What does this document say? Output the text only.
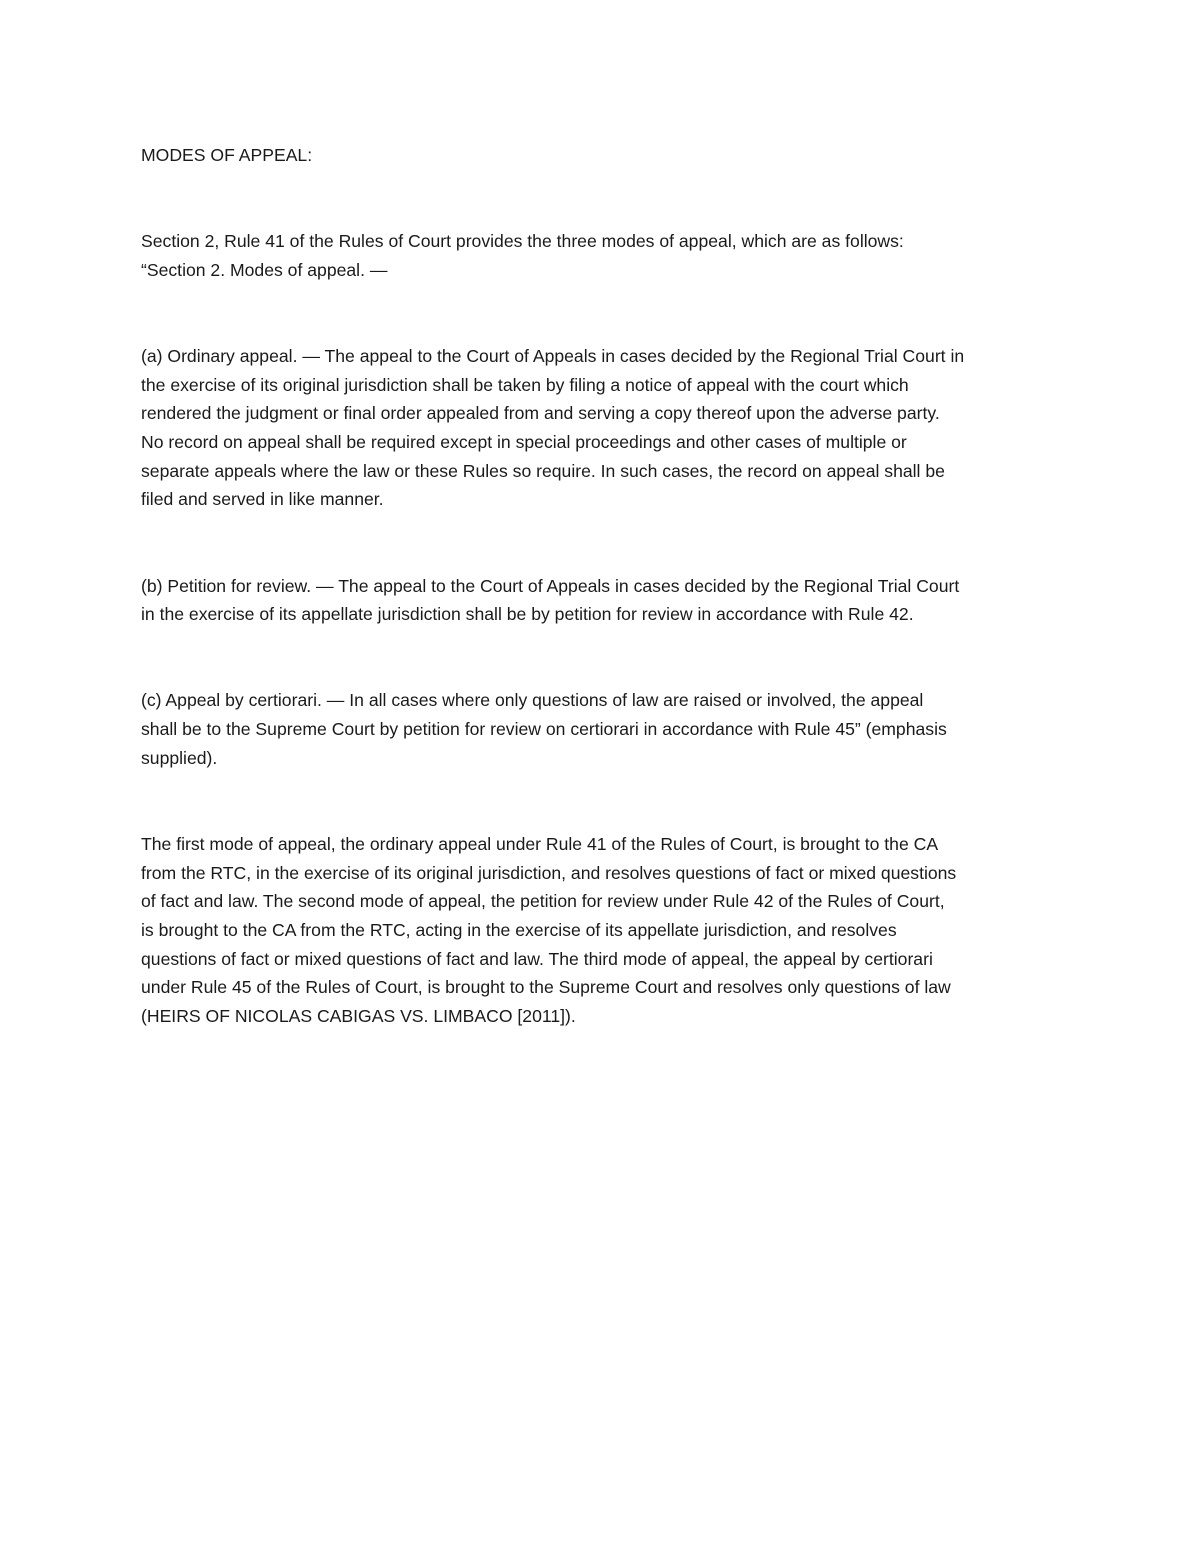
MODES OF APPEAL:

Section 2, Rule 41 of the Rules of Court provides the three modes of appeal, which are as follows:

“Section 2. Modes of appeal. —

(a) Ordinary appeal. — The appeal to the Court of Appeals in cases decided by the Regional Trial Court in

the exercise of its original jurisdiction shall be taken by filing a notice of appeal with the court which

rendered the judgment or final order appealed from and serving a copy thereof upon the adverse party.

No record on appeal shall be required except in special proceedings and other cases of multiple or

separate appeals where the law or these Rules so require. In such cases, the record on appeal shall be

filed and served in like manner.

(b) Petition for review. — The appeal to the Court of Appeals in cases decided by the Regional Trial Court

in the exercise of its appellate jurisdiction shall be by petition for review in accordance with Rule 42.

(c) Appeal by certiorari. — In all cases where only questions of law are raised or involved, the appeal

shall be to the Supreme Court by petition for review on certiorari in accordance with Rule 45” (emphasis

supplied).

The first mode of appeal, the ordinary appeal under Rule 41 of the Rules of Court, is brought to the CA

from the RTC, in the exercise of its original jurisdiction, and resolves questions of fact or mixed questions

of fact and law. The second mode of appeal, the petition for review under Rule 42 of the Rules of Court,

is brought to the CA from the RTC, acting in the exercise of its appellate jurisdiction, and resolves

questions of fact or mixed questions of fact and law. The third mode of appeal, the appeal by certiorari

under Rule 45 of the Rules of Court, is brought to the Supreme Court and resolves only questions of law

(HEIRS OF NICOLAS CABIGAS VS. LIMBACO [2011]).
